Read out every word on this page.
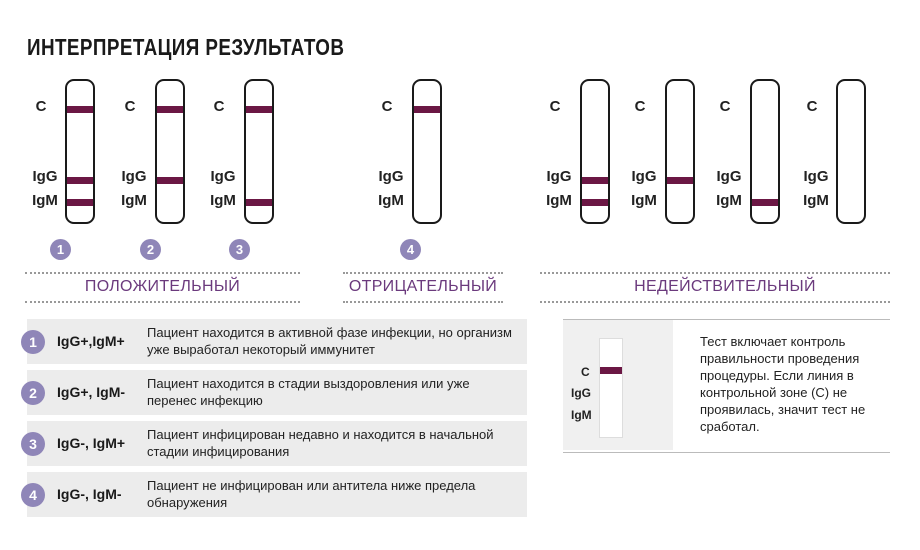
ИНТЕРПРЕТАЦИЯ РЕЗУЛЬТАТОВ
C
IgG
IgM
1
C
IgG
IgM
2
C
IgG
IgM
3
C
IgG
IgM
4
C
IgG
IgM
C
IgG
IgM
C
IgG
IgM
C
IgG
IgM
ПОЛОЖИТЕЛЬНЫЙ	ОТРИЦАТЕЛЬНЫЙ	НЕДЕЙСТВИТЕЛЬНЫЙ
1	IgG+,IgM+
Пациент находится в активной фазе инфекции, но организм уже выработал некоторый иммунитет
2	IgG+, IgM-
Пациент находится в стадии выздоровления или уже перенес инфекцию
3	IgG-, IgM+
Пациент инфицирован недавно и находится в начальной стадии инфицирования
4	IgG-, IgM-
Пациент не инфицирован или антитела ниже предела обнаружения
C
IgG
IgM
Тест включает контроль правильности проведения процедуры. Если линия в контрольной зоне (C) не проявилась, значит тест не сработал.
